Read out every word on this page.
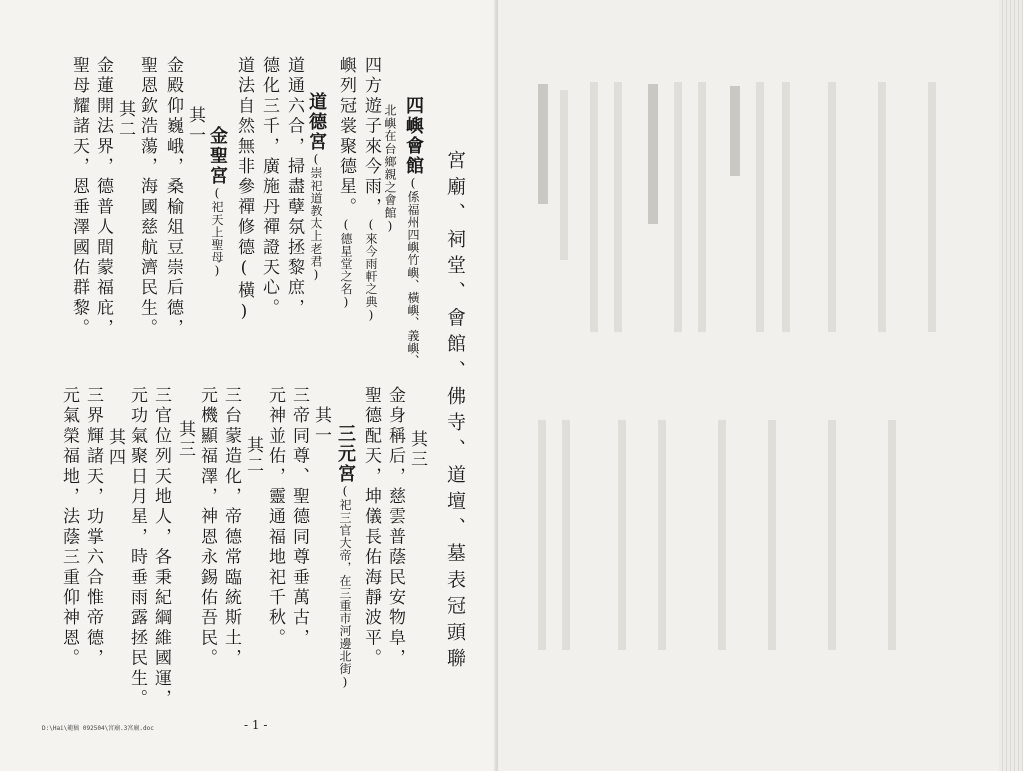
宮廟、祠堂、會館、佛寺、道壇、墓表冠頭聯
四嶼會館(係福州四嶼竹嶼、橫嶼、義嶼、
北嶼在台鄉親之會館)
四方遊子來今雨，(來今雨軒之典)
嶼列冠裳聚德星。(德星堂之名)
道德宮(崇祀道教太上老君)
道通六合，掃盡孽氛拯黎庶，
德化三千，廣施丹禪證天心。
道法自然無非參禪修德(橫)
金聖宮(祀天上聖母)
其一
金殿仰巍峨，桑榆俎豆崇后德，
聖恩欽浩蕩，海國慈航濟民生。
其二
金蓮開法界，德普人間蒙福庇，
聖母耀諸天，恩垂澤國佑群黎。
其三
金身稱后，慈雲普蔭民安物阜，
聖德配天，坤儀長佑海靜波平。
三元宮(祀三官大帝，在三重市河邊北街)
其一
三帝同尊、聖德同尊垂萬古，
元神並佑，靈通福地祀千秋。
其二
三台蒙造化，帝德常臨統斯土，
元機顯福澤，神恩永錫佑吾民。
其三
三官位列天地人，各秉紀綱維國運，
元功氣聚日月星，時垂雨露拯民生。
其四
三界輝諸天，功掌六合惟帝德，
元氣榮福地，法蔭三重仰神恩。
D:\Hai\範稿 092504\宮廟.3宮廟.doc	- 1 -
